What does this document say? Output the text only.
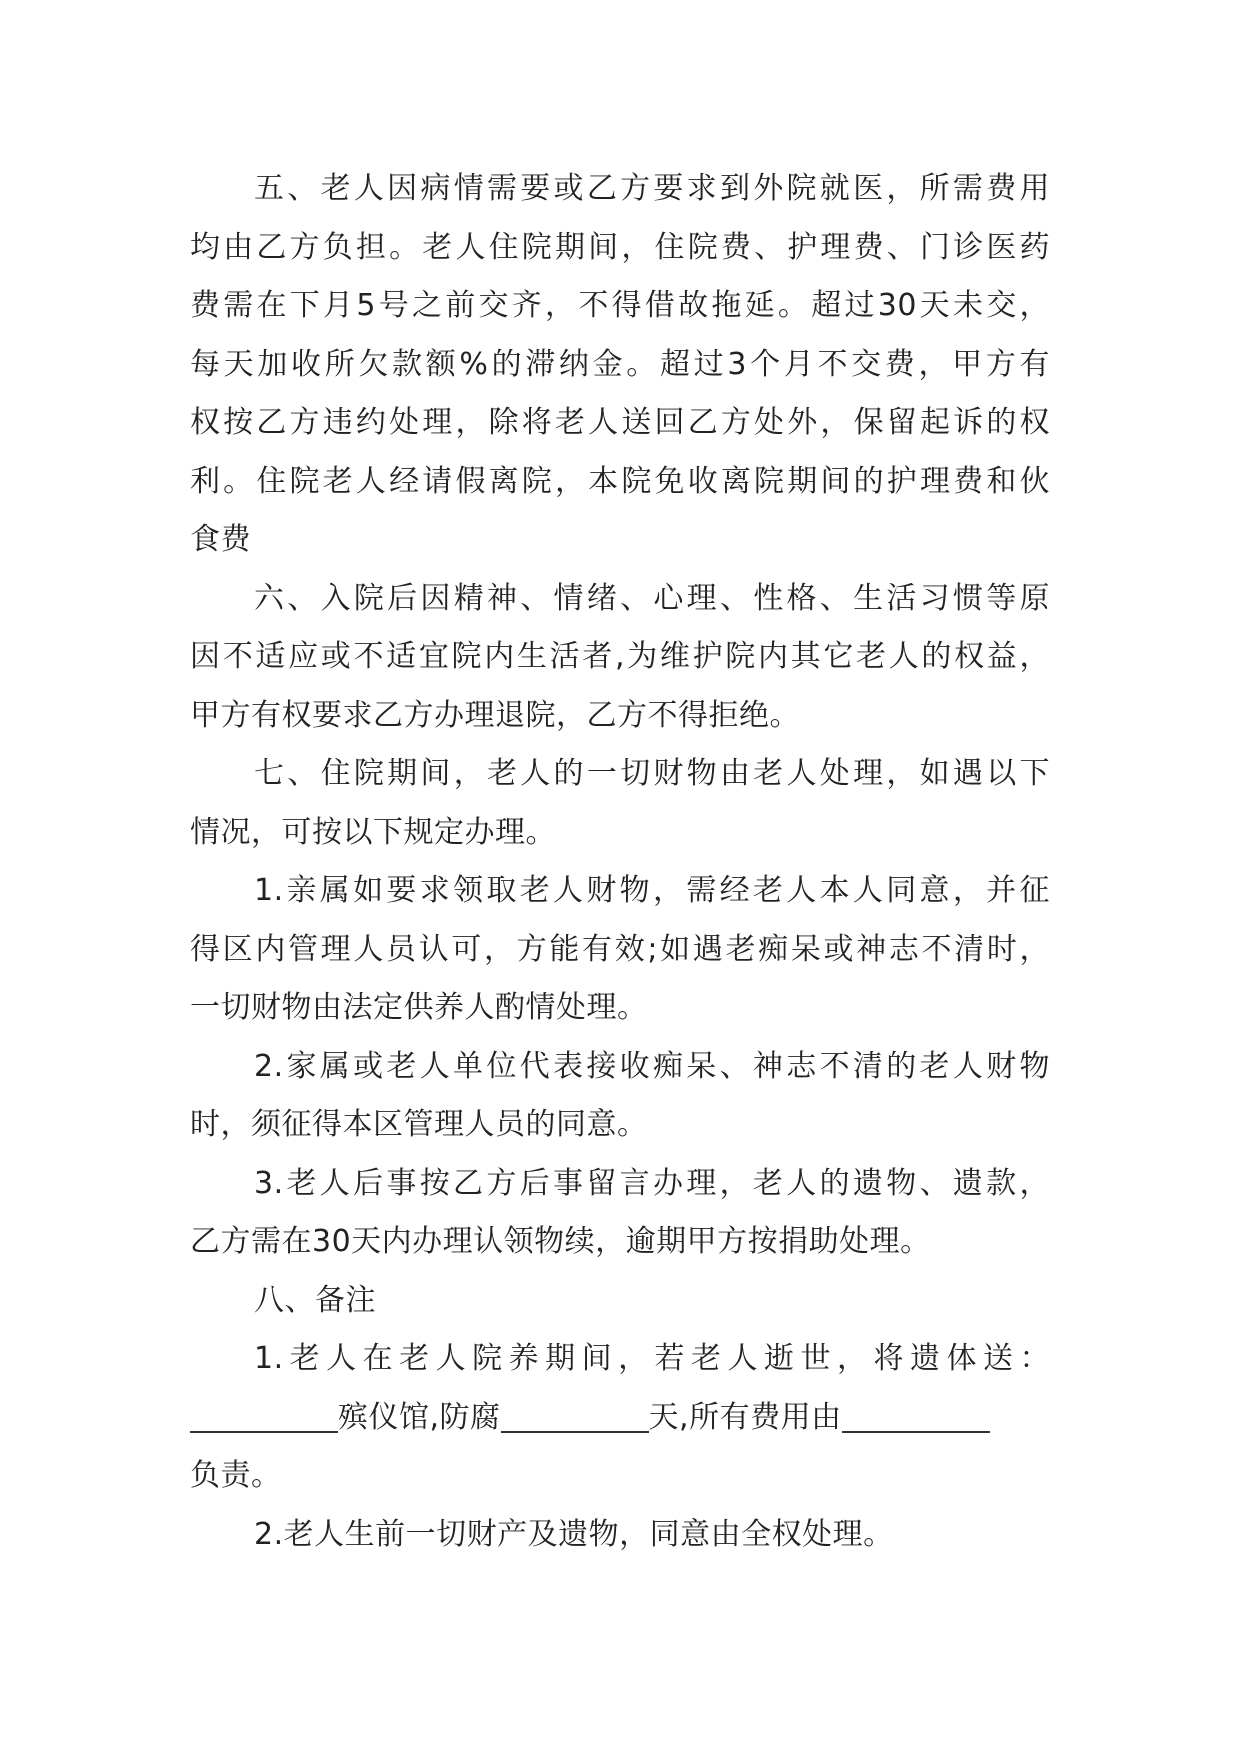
五、老人因病情需要或乙方要求到外院就医，所需费用
均由乙方负担。老人住院期间，住院费、护理费、门诊医药
费需在下月5号之前交齐，不得借故拖延。超过30天未交，
每天加收所欠款额%的滞纳金。超过3个月不交费，甲方有
权按乙方违约处理，除将老人送回乙方处外，保留起诉的权
利。住院老人经请假离院，本院免收离院期间的护理费和伙
食费
六、入院后因精神、情绪、心理、性格、生活习惯等原
因不适应或不适宜院内生活者,为维护院内其它老人的权益，
甲方有权要求乙方办理退院，乙方不得拒绝。
七、住院期间，老人的一切财物由老人处理，如遇以下
情况，可按以下规定办理。
1.亲属如要求领取老人财物，需经老人本人同意，并征
得区内管理人员认可，方能有效;如遇老痴呆或神志不清时，
一切财物由法定供养人酌情处理。
2.家属或老人单位代表接收痴呆、神志不清的老人财物
时，须征得本区管理人员的同意。
3.老人后事按乙方后事留言办理，老人的遗物、遗款，
乙方需在30天内办理认领物续，逾期甲方按捐助处理。
八、备注
1.老人在老人院养期间，若老人逝世，将遗体送：
殡仪馆,防腐	天,所有费用由
负责。
2.老人生前一切财产及遗物，同意由全权处理。
